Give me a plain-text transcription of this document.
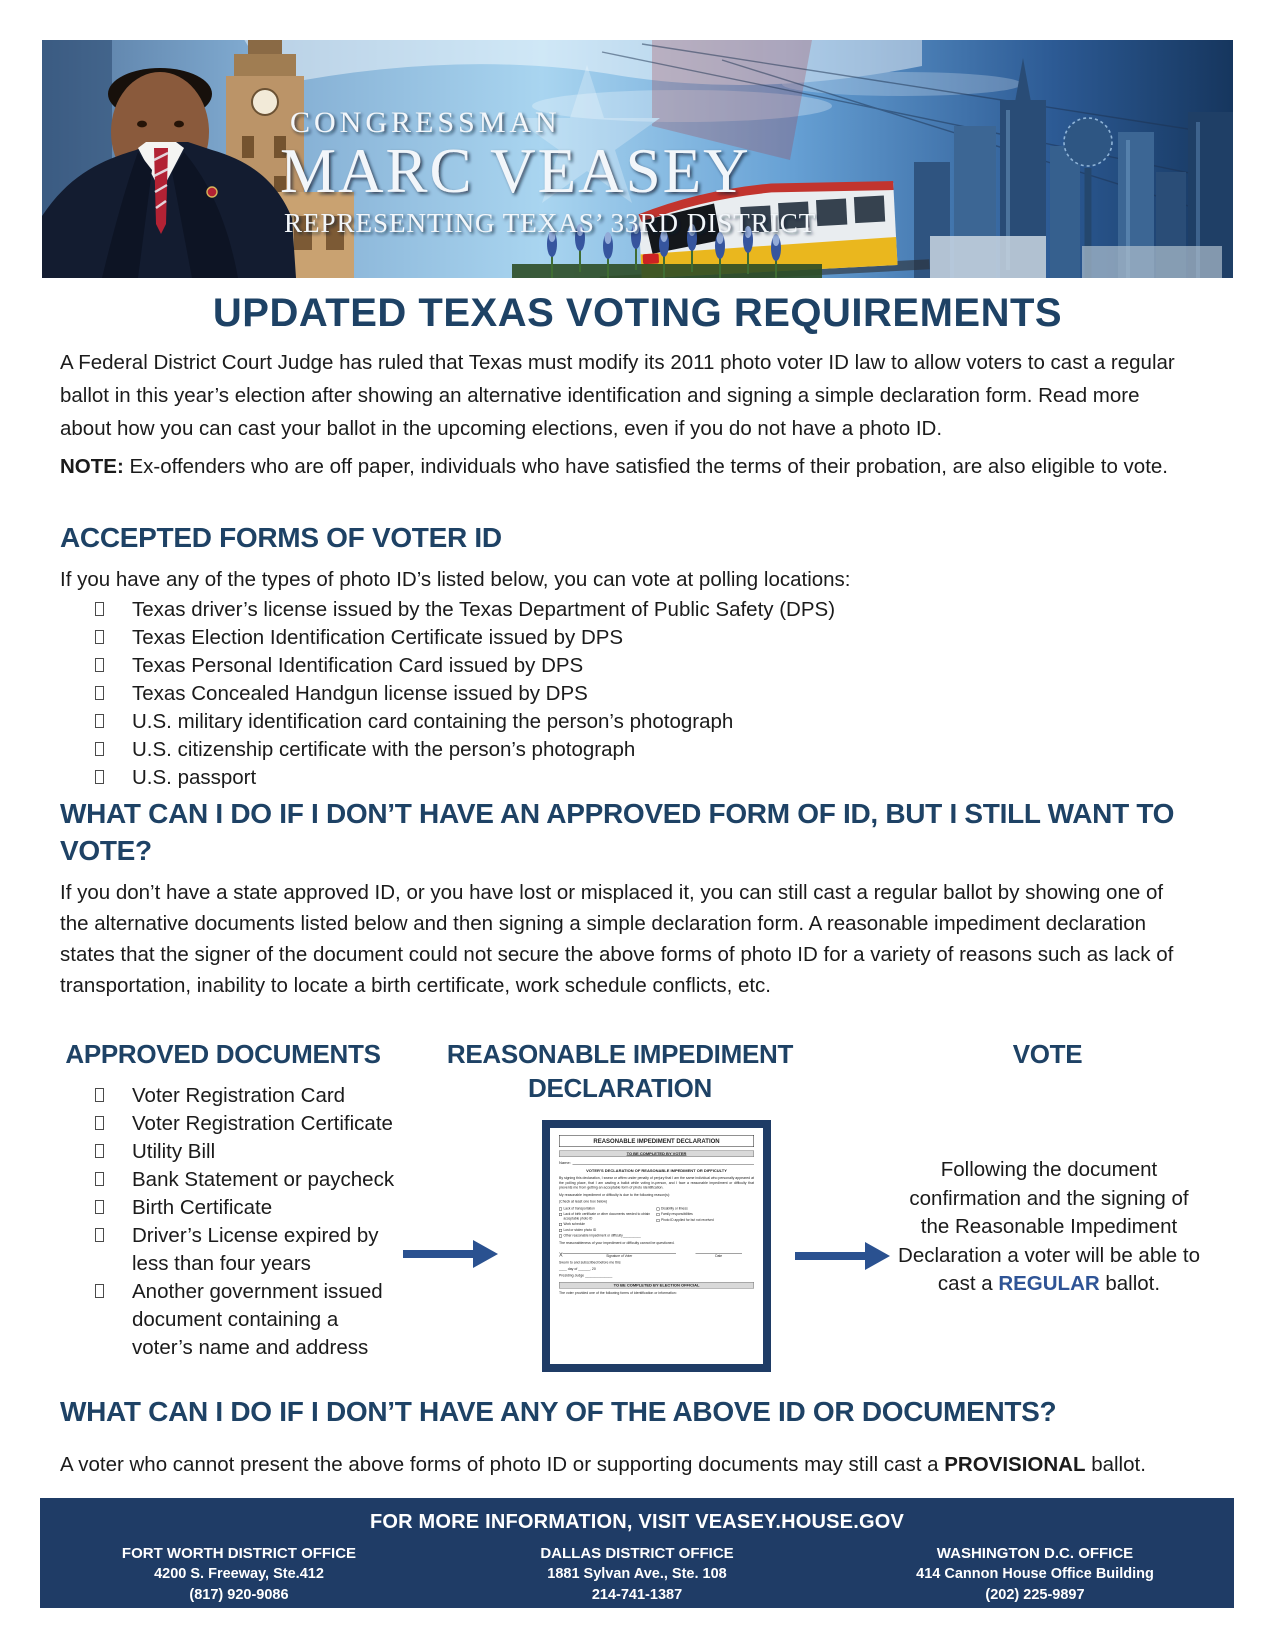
CONGRESSMAN
MARC VEASEY
REPRESENTING TEXAS’ 33RD DISTRICT
UPDATED TEXAS VOTING REQUIREMENTS

A Federal District Court Judge has ruled that Texas must modify its 2011 photo voter ID law to allow voters to cast a regular ballot in this year’s election after showing an alternative identification and signing a simple declaration form. Read more about how you can cast your ballot in the upcoming elections, even if you do not have a photo ID.

NOTE: Ex-offenders who are off paper, individuals who have satisfied the terms of their probation, are also eligible to vote.

ACCEPTED FORMS OF VOTER ID

If you have any of the types of photo ID’s listed below, you can vote at polling locations:

Texas driver’s license issued by the Texas Department of Public Safety (DPS)
Texas Election Identification Certificate issued by DPS
Texas Personal Identification Card issued by DPS
Texas Concealed Handgun license issued by DPS
U.S. military identification card containing the person’s photograph
U.S. citizenship certificate with the person’s photograph
U.S. passport
WHAT CAN I DO IF I DON’T HAVE AN APPROVED FORM OF ID, BUT I STILL WANT TO VOTE?

If you don’t have a state approved ID, or you have lost or misplaced it, you can still cast a regular ballot by showing one of the alternative documents listed below and then signing a simple declaration form. A reasonable impediment declaration states that the signer of the document could not secure the above forms of photo ID for a variety of reasons such as lack of transportation, inability to locate a birth certificate, work schedule conflicts, etc.

APPROVED DOCUMENTS
Voter Registration Card
Voter Registration Certificate
Utility Bill
Bank Statement or paycheck
Birth Certificate
Driver’s License expired by less than four years
Another government issued document containing a voter’s name and address
REASONABLE IMPEDIMENT DECLARATION
VOTE
REASONABLE IMPEDIMENT DECLARATION
TO BE COMPLETED BY VOTER
Name:
VOTER’S DECLARATION OF REASONABLE IMPEDIMENT OR DIFFICULTY
By signing this declaration, I swear or affirm under penalty of perjury that I am the same individual who personally appeared at the polling place, that I am casting a ballot while voting in-person, and I face a reasonable impediment or difficulty that prevents me from getting an acceptable form of photo identification.
My reasonable impediment or difficulty is due to the following reason(s):
(Check at least one box below)
Lack of transportation
Lack of birth certificate or other documents needed to obtain acceptable photo ID
Work schedule
Lost or stolen photo ID
Other reasonable impediment or difficulty__________
Disability or illness
Family responsibilities
Photo ID applied for but not received
The reasonableness of your impediment or difficulty cannot be questioned.
X	Signature of Voter	Date
Sworn to and subscribed before me this
____ day of ______, 20
Presiding Judge ______________
TO BE COMPLETED BY ELECTION OFFICIAL
The voter provided one of the following forms of identification or information:

Following the document confirmation and the signing of the Reasonable Impediment Declaration a voter will be able to cast a REGULAR ballot.

WHAT CAN I DO IF I DON’T HAVE ANY OF THE ABOVE ID OR DOCUMENTS?

A voter who cannot present the above forms of photo ID or supporting documents may still cast a PROVISIONAL ballot.

FOR MORE INFORMATION, VISIT VEASEY.HOUSE.GOV
FORT WORTH DISTRICT OFFICE
4200 S. Freeway, Ste.412
(817) 920-9086
DALLAS DISTRICT OFFICE
1881 Sylvan Ave., Ste. 108
214-741-1387
WASHINGTON D.C. OFFICE
414 Cannon House Office Building
(202) 225-9897
